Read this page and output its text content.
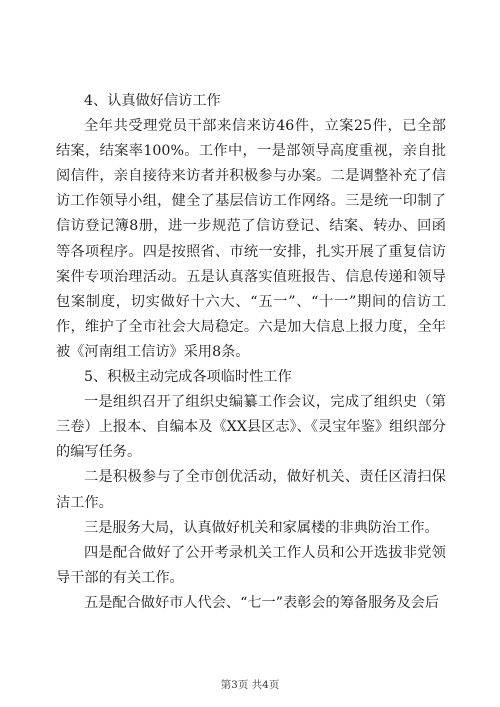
4、认真做好信访工作

全年共受理党员干部来信来访46件，立案25件，已全部结案，结案率100%。工作中，一是部领导高度重视，亲自批阅信件，亲自接待来访者并积极参与办案。二是调整补充了信访工作领导小组，健全了基层信访工作网络。三是统一印制了信访登记簿8册，进一步规范了信访登记、结案、转办、回函等各项程序。四是按照省、市统一安排，扎实开展了重复信访案件专项治理活动。五是认真落实值班报告、信息传递和领导包案制度，切实做好十六大、“五一”、“十一”期间的信访工作，维护了全市社会大局稳定。六是加大信息上报力度，全年被《河南组工信访》采用8条。

5、积极主动完成各项临时性工作

一是组织召开了组织史编纂工作会议，完成了组织史（第三卷）上报本、自编本及《XX县区志》、《灵宝年鉴》组织部分的编写任务。

二是积极参与了全市创优活动，做好机关、责任区清扫保洁工作。

三是服务大局，认真做好机关和家属楼的非典防治工作。

四是配合做好了公开考录机关工作人员和公开选拔非党领导干部的有关工作。

五是配合做好市人代会、“七一”表彰会的筹备服务及会后

第3页 共4页
